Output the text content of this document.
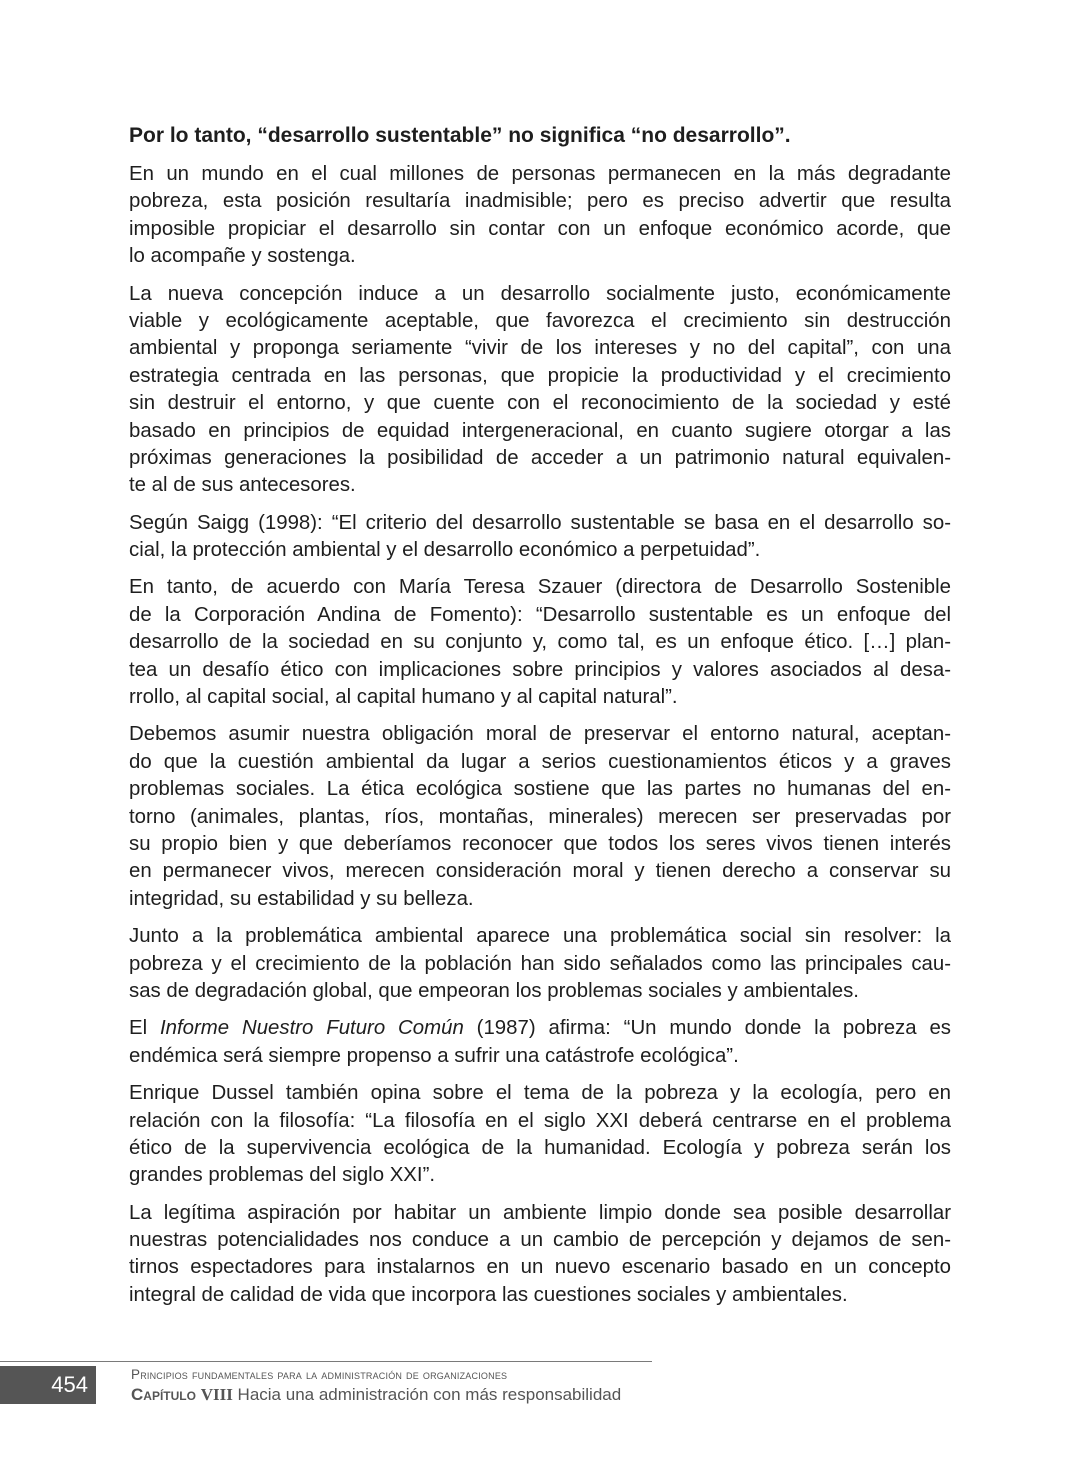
Por lo tanto, “desarrollo sustentable” no significa “no desarrollo”.

En un mundo en el cual millones de personas permanecen en la más degradante
pobreza, esta posición resultaría inadmisible; pero es preciso advertir que resulta
imposible propiciar el desarrollo sin contar con un enfoque económico acorde, que
lo acompañe y sostenga.
La nueva concepción induce a un desarrollo socialmente justo, económicamente
viable y ecológicamente aceptable, que favorezca el crecimiento sin destrucción
ambiental y proponga seriamente “vivir de los intereses y no del capital”, con una
estrategia centrada en las personas, que propicie la productividad y el crecimiento
sin destruir el entorno, y que cuente con el reconocimiento de la sociedad y esté
basado en principios de equidad intergeneracional, en cuanto sugiere otorgar a las
próximas generaciones la posibilidad de acceder a un patrimonio natural equivalen-
te al de sus antecesores.
Según Saigg (1998): “El criterio del desarrollo sustentable se basa en el desarrollo so-
cial, la protección ambiental y el desarrollo económico a perpetuidad”.
En tanto, de acuerdo con María Teresa Szauer (directora de Desarrollo Sostenible
de la Corporación Andina de Fomento): “Desarrollo sustentable es un enfoque del
desarrollo de la sociedad en su conjunto y, como tal, es un enfoque ético. […] plan-
tea un desafío ético con implicaciones sobre principios y valores asociados al desa-
rrollo, al capital social, al capital humano y al capital natural”.
Debemos asumir nuestra obligación moral de preservar el entorno natural, aceptan-
do que la cuestión ambiental da lugar a serios cuestionamientos éticos y a graves
problemas sociales. La ética ecológica sostiene que las partes no humanas del en-
torno (animales, plantas, ríos, montañas, minerales) merecen ser preservadas por
su propio bien y que deberíamos reconocer que todos los seres vivos tienen interés
en permanecer vivos, merecen consideración moral y tienen derecho a conservar su
integridad, su estabilidad y su belleza.
Junto a la problemática ambiental aparece una problemática social sin resolver: la
pobreza y el crecimiento de la población han sido señalados como las principales cau-
sas de degradación global, que empeoran los problemas sociales y ambientales.
El Informe Nuestro Futuro Común (1987) afirma: “Un mundo donde la pobreza es
endémica será siempre propenso a sufrir una catástrofe ecológica”.
Enrique Dussel también opina sobre el tema de la pobreza y la ecología, pero en
relación con la filosofía: “La filosofía en el siglo XXI deberá centrarse en el problema
ético de la supervivencia ecológica de la humanidad. Ecología y pobreza serán los
grandes problemas del siglo XXI”.
La legítima aspiración por habitar un ambiente limpio donde sea posible desarrollar
nuestras potencialidades nos conduce a un cambio de percepción y dejamos de sen-
tirnos espectadores para instalarnos en un nuevo escenario basado en un concepto
integral de calidad de vida que incorpora las cuestiones sociales y ambientales.
454	Principios fundamentales para la administración de organizaciones
Capítulo VIII Hacia una administración con más responsabilidad
